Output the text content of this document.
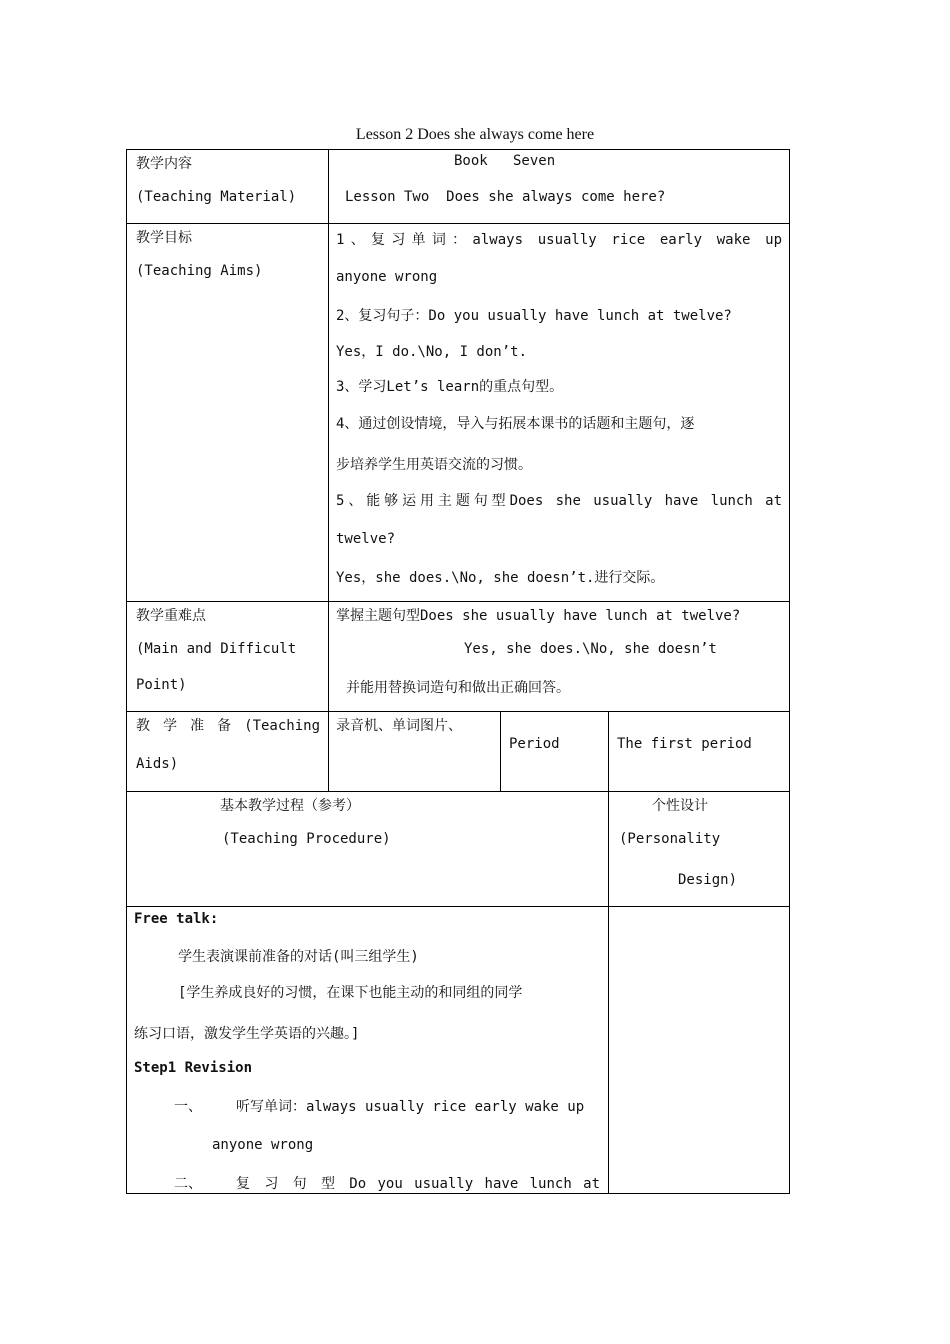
Lesson 2 Does she always come here
教学内容
(Teaching Material)
Book   Seven
Lesson Two  Does she always come here?
教学目标
(Teaching Aims)
1、复习单词：always usually rice early wake up
anyone wrong
2、复习句子：Do you usually have lunch at twelve?
Yes，I do.\No, I don’t.
3、学习Let’s learn的重点句型。
4、通过创设情境，导入与拓展本课书的话题和主题句，逐
步培养学生用英语交流的习惯。
5、能够运用主题句型Does she usually have lunch at
twelve?
Yes，she does.\No, she doesn’t.进行交际。
教学重难点
(Main and Difficult
Point)
掌握主题句型Does she usually have lunch at twelve?
Yes, she does.\No, she doesn’t
并能用替换词造句和做出正确回答。
教 学 准 备 (Teaching
Aids)
录音机、单词图片、
Period	The first period
基本教学过程（参考）
(Teaching Procedure)
个性设计
(Personality
Design)
Free talk:
学生表演课前准备的对话(叫三组学生)
[学生养成良好的习惯，在课下也能主动的和同组的同学
练习口语，激发学生学英语的兴趣。]
Step1 Revision
一、 听写单词：always usually rice early wake up
anyone wrong
二、 复 习 句 型 Do you usually have lunch at
